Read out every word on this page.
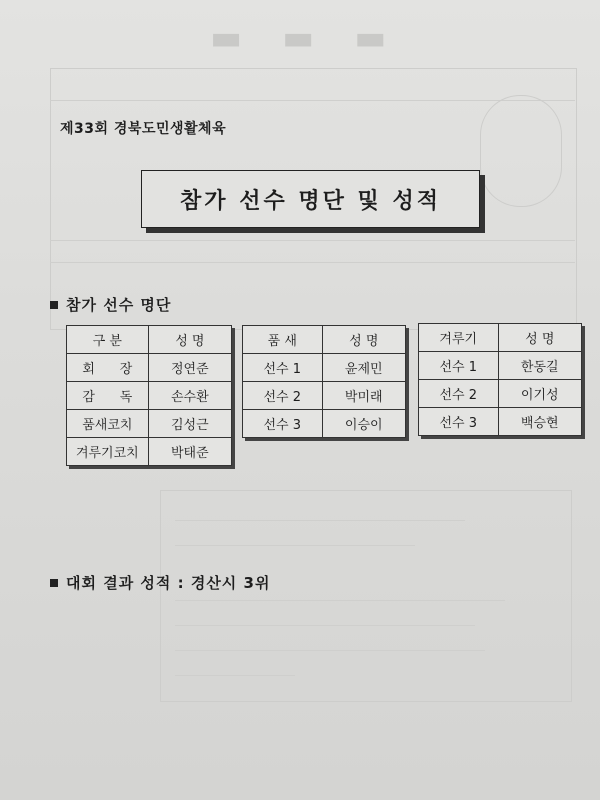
▬▬▬
제33회 경북도민생활체육
참가 선수 명단 및 성적
참가 선수 명단
구 분	성 명
회      장	정연준
감      독	손수환
품새코치	김성근
겨루기코치	박태준
품 새	성 명
선수 1	윤제민
선수 2	박미래
선수 3	이승이
겨루기	성 명
선수 1	한동길
선수 2	이기성
선수 3	백승현
대회 결과 성적 : 경산시 3위
